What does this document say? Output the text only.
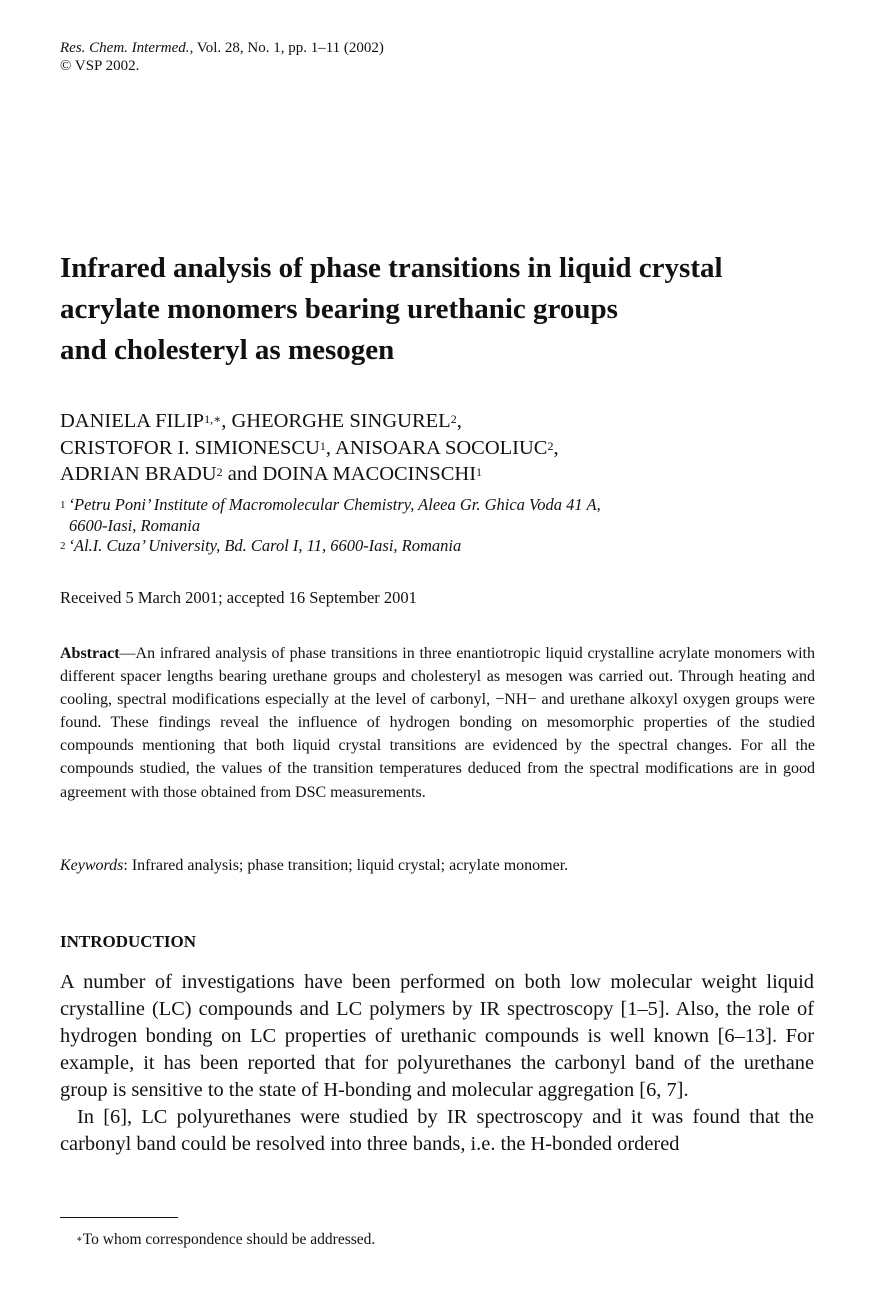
Res. Chem. Intermed., Vol. 28, No. 1, pp. 1–11 (2002)
© VSP 2002.
Infrared analysis of phase transitions in liquid crystal
acrylate monomers bearing urethanic groups
and cholesteryl as mesogen
DANIELA $FILIP^{1,∗}$, GHEORGHE SINGUREL$^2$,
CRISTOFOR I. SIMIONESCU$^1$, ANISOARA SOCOLIUC$^2$,
ADRIAN BRADU$^2$ and DOINA MACOCINSCHI$^1$
$^1$ ‘Petru Poni’ Institute of Macromolecular Chemistry, Aleea Gr. Ghica Voda 41 A,
6600-Iasi, Romania
$^2$ ‘Al.I. Cuza’ University, Bd. Carol I, 11, 6600-Iasi, Romania
Received 5 March 2001; accepted 16 September 2001
Abstract—An infrared analysis of phase transitions in three enantiotropic liquid crystalline acrylate monomers with different spacer lengths bearing urethane groups and cholesteryl as mesogen was carried out. Through heating and cooling, spectral modifications especially at the level of carbonyl, −NH− and urethane alkoxyl oxygen groups were found. These findings reveal the influence of hydrogen bonding on mesomorphic properties of the studied compounds mentioning that both liquid crystal transitions are evidenced by the spectral changes. For all the compounds studied, the values of the transition temperatures deduced from the spectral modifications are in good agreement with those obtained from DSC measurements.
Keywords: Infrared analysis; phase transition; liquid crystal; acrylate monomer.
INTRODUCTION

A number of investigations have been performed on both low molecular weight liquid crystalline (LC) compounds and LC polymers by IR spectroscopy [1–5]. Also, the role of hydrogen bonding on LC properties of urethanic compounds is well known [6–13]. For example, it has been reported that for polyurethanes the carbonyl band of the urethane group is sensitive to the state of H-bonding and molecular aggregation [6, 7].

In [6], LC polyurethanes were studied by IR spectroscopy and it was found that the carbonyl band could be resolved into three bands, i.e. the H-bonded ordered

∗To whom correspondence should be addressed.
